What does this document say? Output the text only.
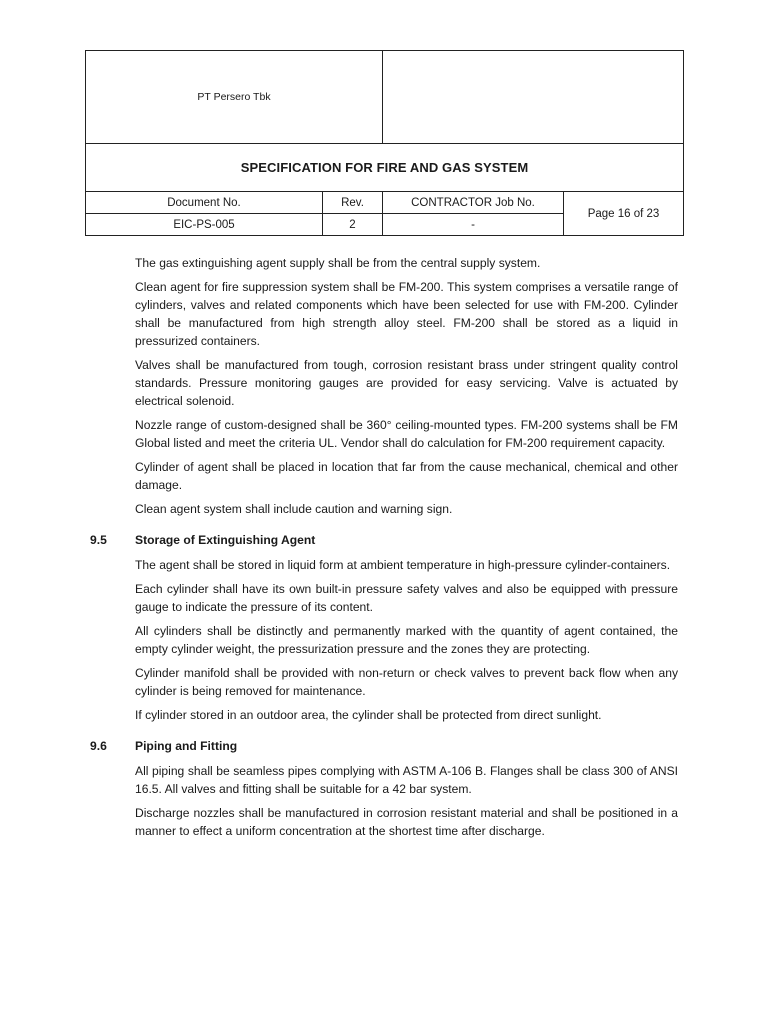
PT Persero Tbk			
SPECIFICATION FOR FIRE AND GAS SYSTEM			
Document No.	Rev.	CONTRACTOR Job No.	Page 16 of 23
EIC-PS-005	2	-	

The gas extinguishing agent supply shall be from the central supply system.

Clean agent for fire suppression system shall be FM-200. This system comprises a versatile range of cylinders, valves and related components which have been selected for use with FM-200. Cylinder shall be manufactured from high strength alloy steel. FM-200 shall be stored as a liquid in pressurized containers.

Valves shall be manufactured from tough, corrosion resistant brass under stringent quality control standards. Pressure monitoring gauges are provided for easy servicing. Valve is actuated by electrical solenoid.

Nozzle range of custom-designed shall be 360° ceiling-mounted types. FM-200 systems shall be FM Global listed and meet the criteria UL. Vendor shall do calculation for FM-200 requirement capacity.

Cylinder of agent shall be placed in location that far from the cause mechanical, chemical and other damage.

Clean agent system shall include caution and warning sign.

9.5	Storage of Extinguishing Agent

The agent shall be stored in liquid form at ambient temperature in high-pressure cylinder-containers.

Each cylinder shall have its own built-in pressure safety valves and also be equipped with pressure gauge to indicate the pressure of its content.

All cylinders shall be distinctly and permanently marked with the quantity of agent contained, the empty cylinder weight, the pressurization pressure and the zones they are protecting.

Cylinder manifold shall be provided with non-return or check valves to prevent back flow when any cylinder is being removed for maintenance.

If cylinder stored in an outdoor area, the cylinder shall be protected from direct sunlight.

9.6	Piping and Fitting

All piping shall be seamless pipes complying with ASTM A-106 B. Flanges shall be class 300 of ANSI 16.5. All valves and fitting shall be suitable for a 42 bar system.

Discharge nozzles shall be manufactured in corrosion resistant material and shall be positioned in a manner to effect a uniform concentration at the shortest time after discharge.
